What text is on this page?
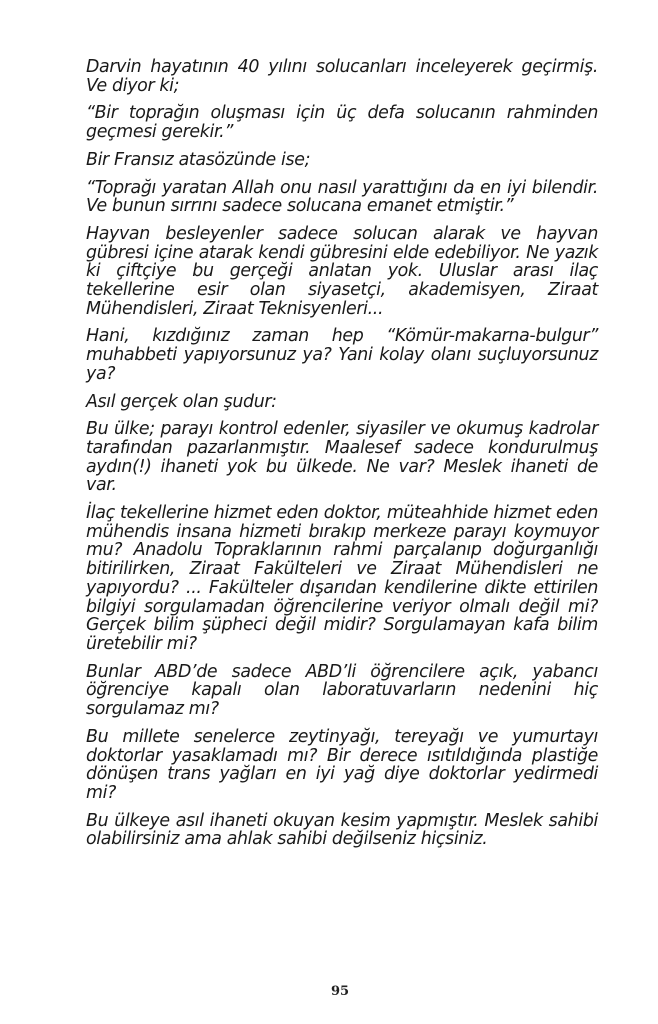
Darvin hayatının 40 yılını solucanları inceleyerek geçirmiş. Ve diyor ki;

“Bir toprağın oluşması için üç defa solucanın rahminden geçmesi gerekir.”

Bir Fransız atasözünde ise;

“Toprağı yaratan Allah onu nasıl yarattığını da en iyi bilendir. Ve bunun sırrını sadece solucana emanet etmiştir.”

Hayvan besleyenler sadece solucan alarak ve hayvan gübresi içine atarak kendi gübresini elde edebiliyor. Ne yazık ki çiftçiye bu gerçeği anlatan yok. Uluslar arası ilaç tekellerine esir olan siyasetçi, akademisyen, Ziraat Mühendisleri, Ziraat Teknisyenleri...

Hani, kızdığınız zaman hep “Kömür-makarna-bulgur” muhabbeti yapıyorsunuz ya? Yani kolay olanı suçluyorsunuz ya?

Asıl gerçek olan şudur:

Bu ülke; parayı kontrol edenler, siyasiler ve okumuş kadrolar tarafından pazarlanmıştır. Maalesef sadece kondurulmuş aydın(!) ihaneti yok bu ülkede. Ne var? Meslek ihaneti de var.

İlaç tekellerine hizmet eden doktor, müteahhide hizmet eden mühendis insana hizmeti bırakıp merkeze parayı koymuyor mu? Anadolu Topraklarının rahmi parçalanıp doğurganlığı bitirilirken, Ziraat Fakülteleri ve Ziraat Mühendisleri ne yapıyordu? ... Fakülteler dışarıdan kendilerine dikte ettirilen bilgiyi sorgulamadan öğrencilerine veriyor olmalı değil mi? Gerçek bilim şüpheci değil midir? Sorgulamayan kafa bilim üretebilir mi?

Bunlar ABD’de sadece ABD’li öğrencilere açık, yabancı öğrenciye kapalı olan laboratuvarların nedenini hiç sorgulamaz mı?

Bu millete senelerce zeytinyağı, tereyağı ve yumurtayı doktorlar yasaklamadı mı? Bir derece ısıtıldığında plastiğe dönüşen trans yağları en iyi yağ diye doktorlar yedirmedi mi?

Bu ülkeye asıl ihaneti okuyan kesim yapmıştır. Meslek sahibi olabilirsiniz ama ahlak sahibi değilseniz hiçsiniz.

95
